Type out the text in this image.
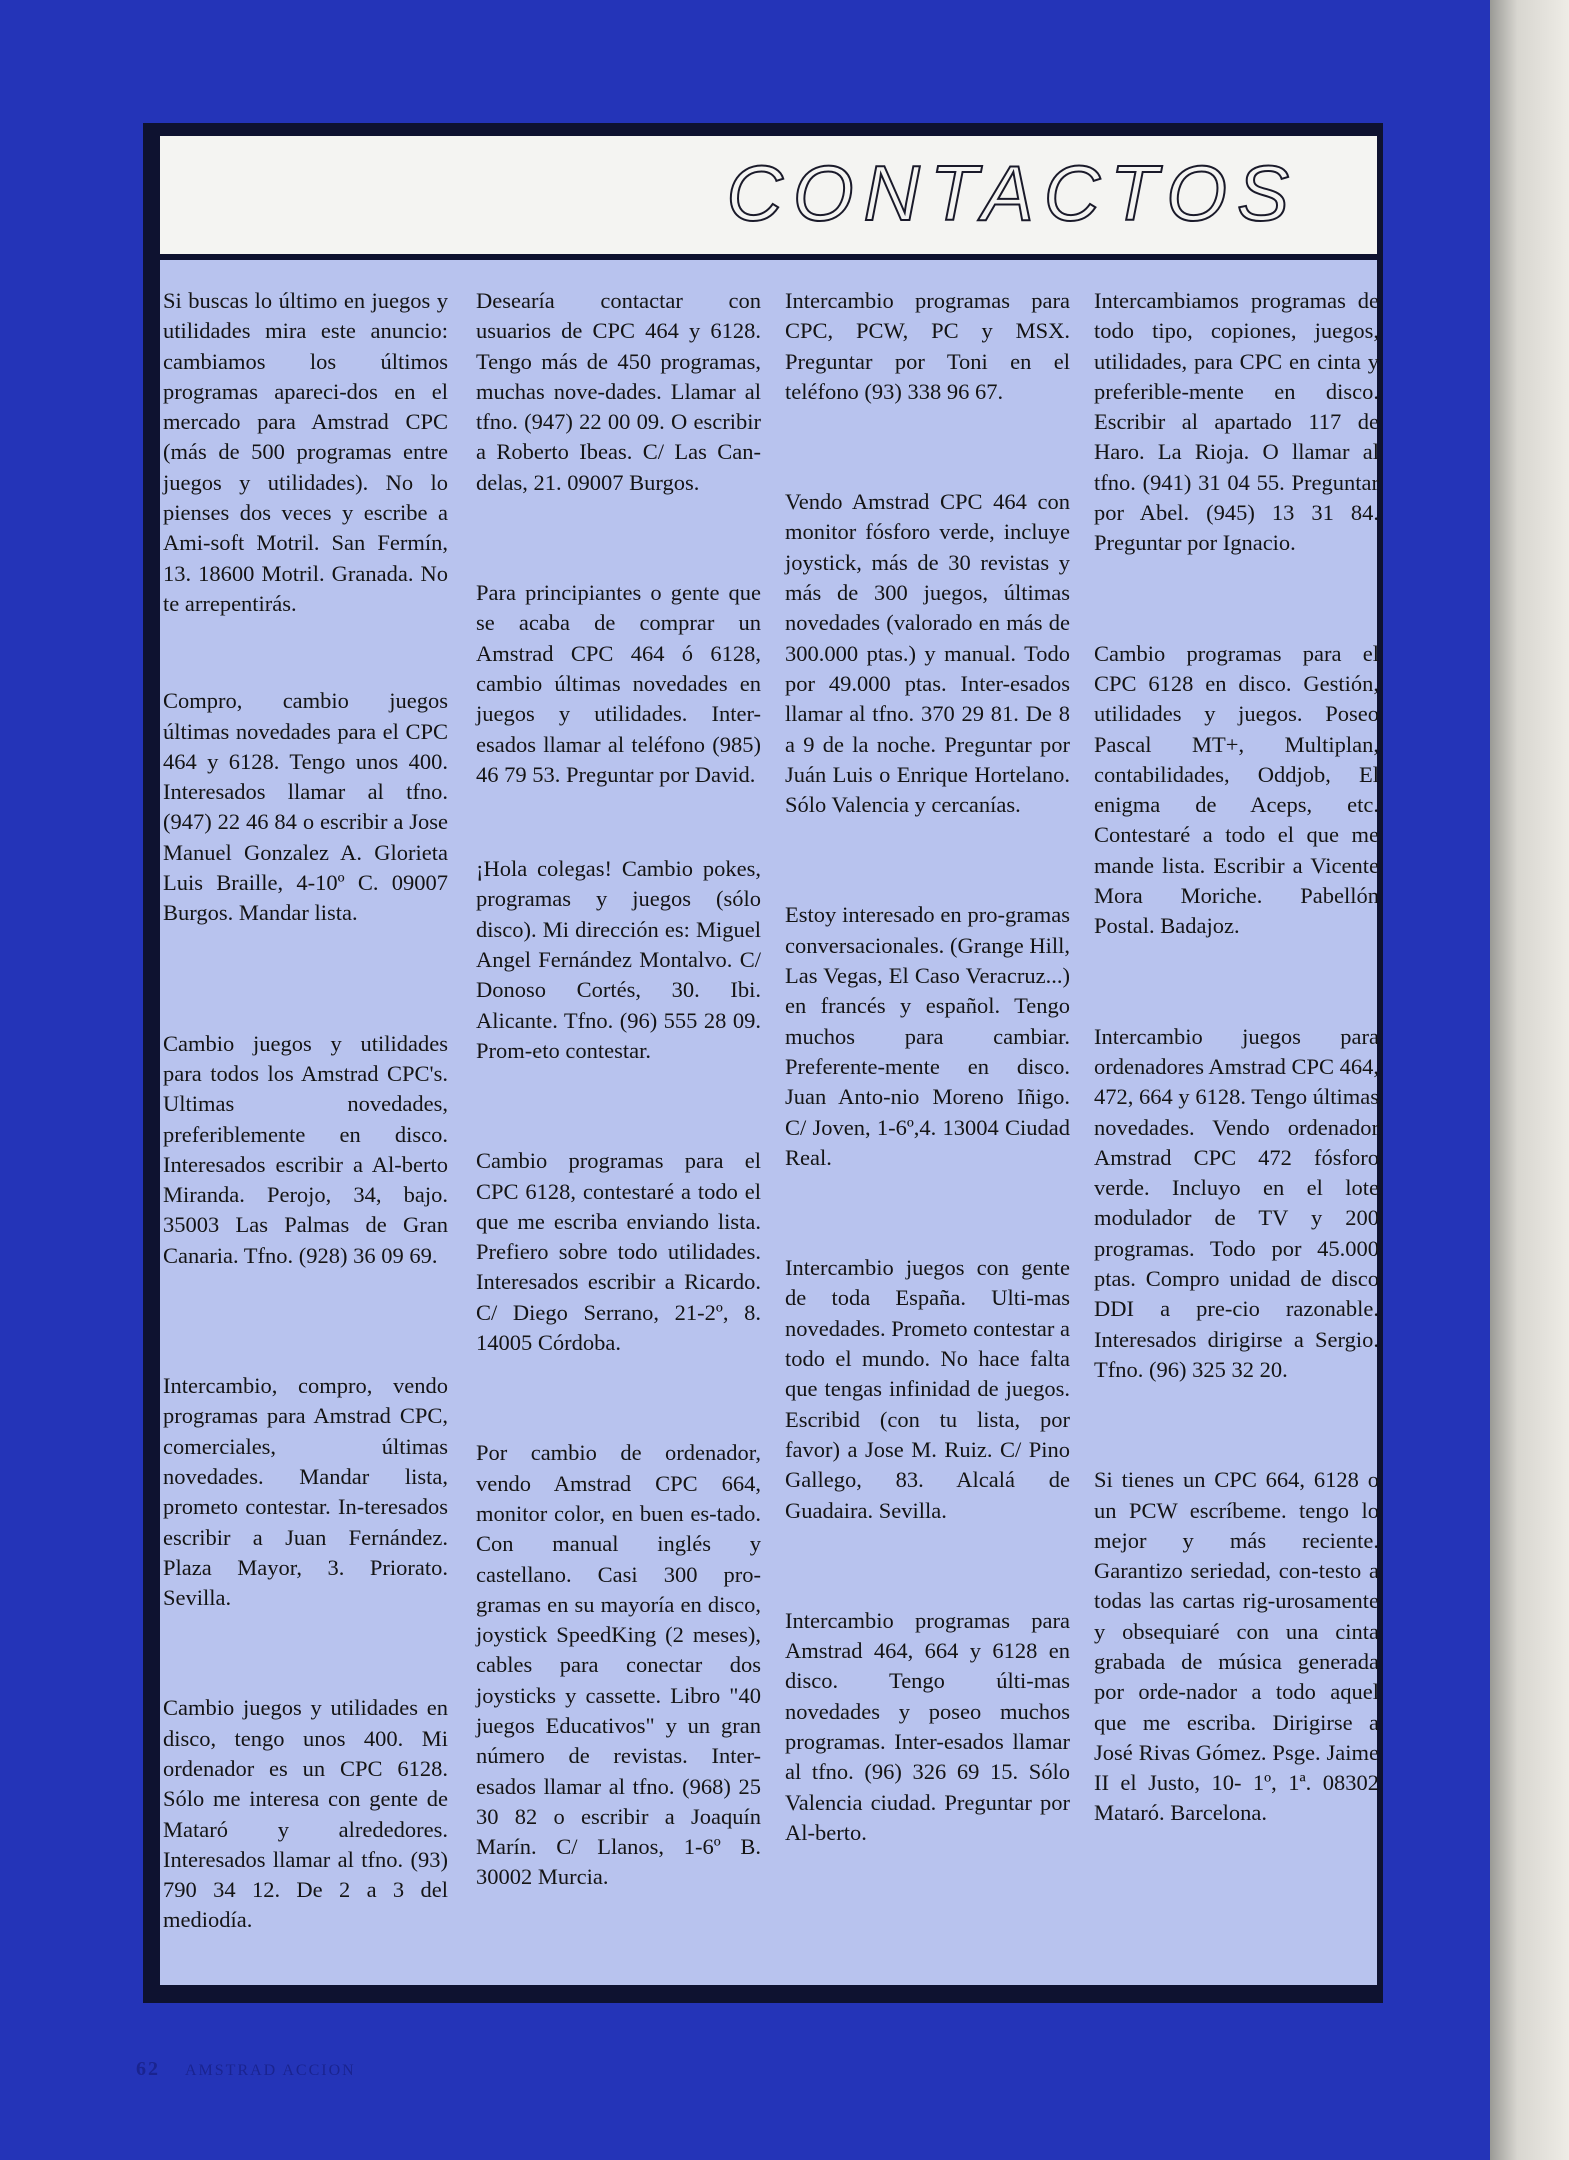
CONTACTOS

Si buscas lo último en juegos y utilidades mira este anuncio: cambiamos los últimos programas apareci-dos en el mercado para Amstrad CPC (más de 500 programas entre juegos y utilidades). No lo pienses dos veces y escribe a Ami-soft Motril. San Fermín, 13. 18600 Motril. Granada. No te arrepentirás.

Compro, cambio juegos últimas novedades para el CPC 464 y 6128. Tengo unos 400. Interesados llamar al tfno. (947) 22 46 84 o escribir a Jose Manuel Gonzalez A. Glorieta Luis Braille, 4-10º C. 09007 Burgos. Mandar lista.

Cambio juegos y utilidades para todos los Amstrad CPC's. Ultimas novedades, preferiblemente en disco. Interesados escribir a Al-berto Miranda. Perojo, 34, bajo. 35003 Las Palmas de Gran Canaria. Tfno. (928) 36 09 69.

Intercambio, compro, vendo programas para Amstrad CPC, comerciales, últimas novedades. Mandar lista, prometo contestar. In-teresados escribir a Juan Fernández. Plaza Mayor, 3. Priorato. Sevilla.

Cambio juegos y utilidades en disco, tengo unos 400. Mi ordenador es un CPC 6128. Sólo me interesa con gente de Mataró y alrededores. Interesados llamar al tfno. (93) 790 34 12. De 2 a 3 del mediodía.

Desearía contactar con usuarios de CPC 464 y 6128. Tengo más de 450 programas, muchas nove-dades. Llamar al tfno. (947) 22 00 09. O escribir a Roberto Ibeas. C/ Las Can-delas, 21. 09007 Burgos.

Para principiantes o gente que se acaba de comprar un Amstrad CPC 464 ó 6128, cambio últimas novedades en juegos y utilidades. Inter-esados llamar al teléfono (985) 46 79 53. Preguntar por David.

¡Hola colegas! Cambio pokes, programas y juegos (sólo disco). Mi dirección es: Miguel Angel Fernández Montalvo. C/ Donoso Cortés, 30. Ibi. Alicante. Tfno. (96) 555 28 09. Prom-eto contestar.

Cambio programas para el CPC 6128, contestaré a todo el que me escriba enviando lista. Prefiero sobre todo utilidades. Interesados escribir a Ricardo. C/ Diego Serrano, 21-2º, 8. 14005 Córdoba.

Por cambio de ordenador, vendo Amstrad CPC 664, monitor color, en buen es-tado. Con manual inglés y castellano. Casi 300 pro-gramas en su mayoría en disco, joystick SpeedKing (2 meses), cables para conectar dos joysticks y cassette. Libro "40 juegos Educativos" y un gran número de revistas. Inter-esados llamar al tfno. (968) 25 30 82 o escribir a Joaquín Marín. C/ Llanos, 1-6º B. 30002 Murcia.

Intercambio programas para CPC, PCW, PC y MSX. Preguntar por Toni en el teléfono (93) 338 96 67.

Vendo Amstrad CPC 464 con monitor fósforo verde, incluye joystick, más de 30 revistas y más de 300 juegos, últimas novedades (valorado en más de 300.000 ptas.) y manual. Todo por 49.000 ptas. Inter-esados llamar al tfno. 370 29 81. De 8 a 9 de la noche. Preguntar por Juán Luis o Enrique Hortelano. Sólo Valencia y cercanías.

Estoy interesado en pro-gramas conversacionales. (Grange Hill, Las Vegas, El Caso Veracruz...) en francés y español. Tengo muchos para cambiar. Preferente-mente en disco. Juan Anto-nio Moreno Iñigo. C/ Joven, 1-6º,4. 13004 Ciudad Real.

Intercambio juegos con gente de toda España. Ulti-mas novedades. Prometo contestar a todo el mundo. No hace falta que tengas infinidad de juegos. Escribid (con tu lista, por favor) a Jose M. Ruiz. C/ Pino Gallego, 83. Alcalá de Guadaira. Sevilla.

Intercambio programas para Amstrad 464, 664 y 6128 en disco. Tengo últi-mas novedades y poseo muchos programas. Inter-esados llamar al tfno. (96) 326 69 15. Sólo Valencia ciudad. Preguntar por Al-berto.

Intercambiamos programas de todo tipo, copiones, juegos, utilidades, para CPC en cinta y preferible-mente en disco. Escribir al apartado 117 de Haro. La Rioja. O llamar al tfno. (941) 31 04 55. Preguntar por Abel. (945) 13 31 84. Preguntar por Ignacio.

Cambio programas para el CPC 6128 en disco. Gestión, utilidades y juegos. Poseo Pascal MT+, Multiplan, contabilidades, Oddjob, El enigma de Aceps, etc. Contestaré a todo el que me mande lista. Escribir a Vicente Mora Moriche. Pabellón Postal. Badajoz.

Intercambio juegos para ordenadores Amstrad CPC 464, 472, 664 y 6128. Tengo últimas novedades. Vendo ordenador Amstrad CPC 472 fósforo verde. Incluyo en el lote modulador de TV y 200 programas. Todo por 45.000 ptas. Compro unidad de disco DDI a pre-cio razonable. Interesados dirigirse a Sergio. Tfno. (96) 325 32 20.

Si tienes un CPC 664, 6128 o un PCW escríbeme. tengo lo mejor y más reciente. Garantizo seriedad, con-testo a todas las cartas rig-urosamente y obsequiaré con una cinta grabada de música generada por orde-nador a todo aquel que me escriba. Dirigirse a José Rivas Gómez. Psge. Jaime II el Justo, 10- 1º, 1ª. 08302 Mataró. Barcelona.

62 AMSTRAD ACCION
